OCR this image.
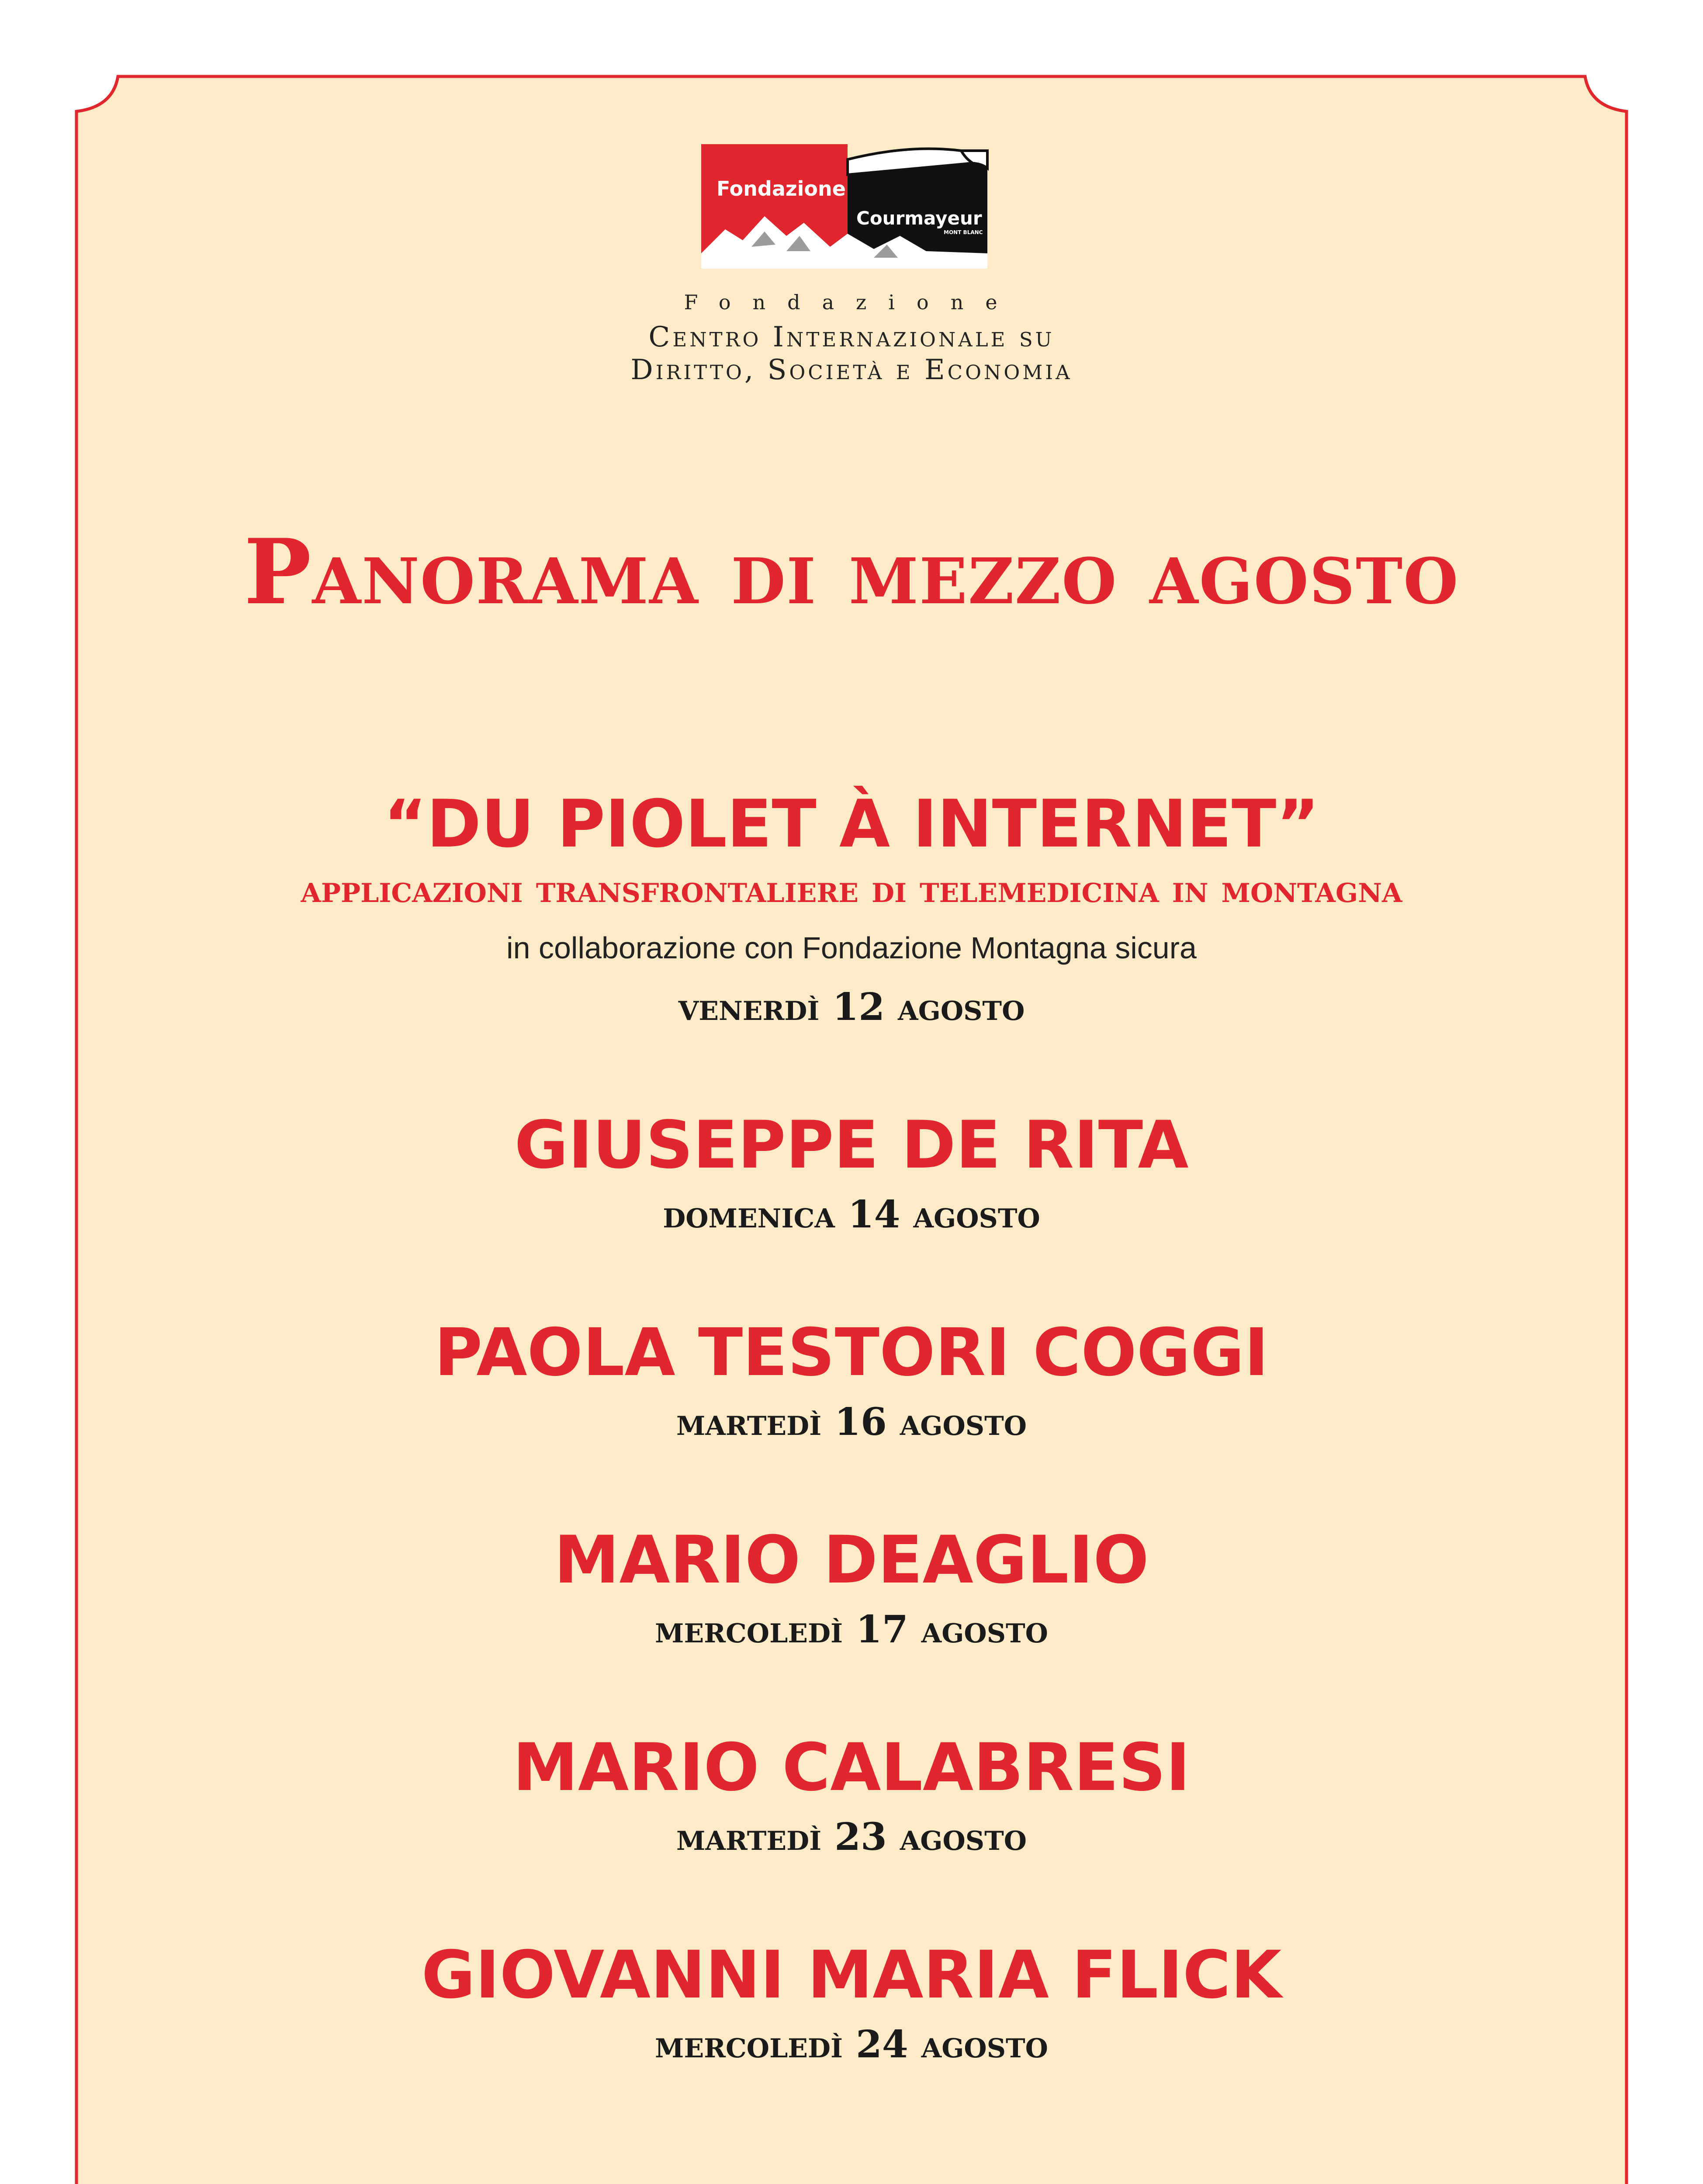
Fondazione
Courmayeur
MONT BLANC
Fondazione
Centro Internazionale su
Diritto, Società e Economia
Panorama di mezzo agosto
“DU PIOLET À INTERNET”
applicazioni transfrontaliere di telemedicina in montagna
in collaborazione con Fondazione Montagna sicura
venerdì 12 agosto
GIUSEPPE DE RITA
domenica 14 agosto
PAOLA TESTORI COGGI
martedì 16 agosto
MARIO DEAGLIO
mercoledì 17 agosto
MARIO CALABRESI
martedì 23 agosto
GIOVANNI MARIA FLICK
mercoledì 24 agosto
